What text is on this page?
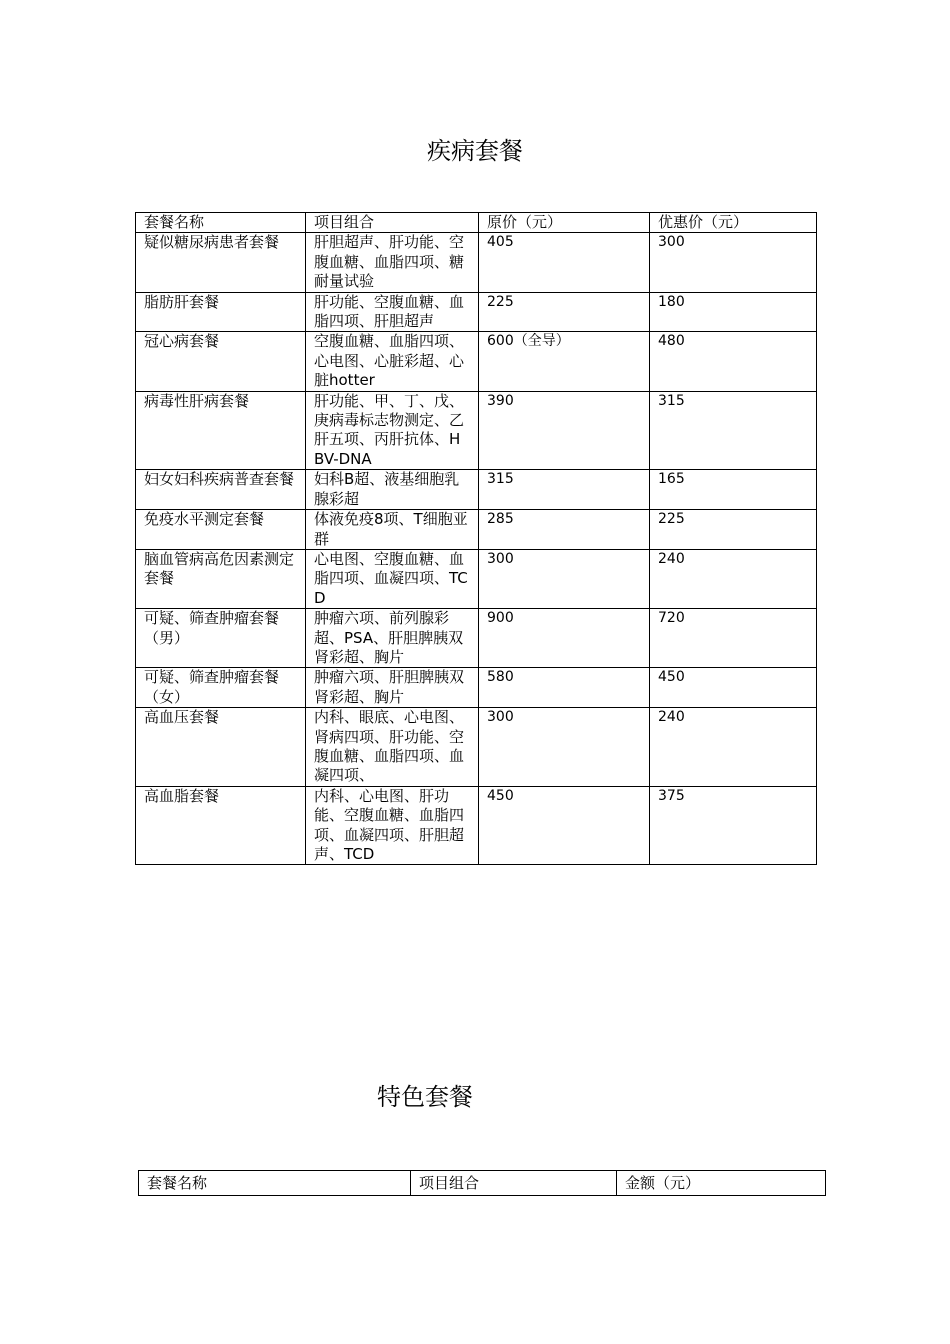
疾病套餐
套餐名称	项目组合	原价（元）	优惠价（元）
疑似糖尿病患者套餐	肝胆超声、肝功能、空腹血糖、血脂四项、糖耐量试验	405	300
脂肪肝套餐	肝功能、空腹血糖、血脂四项、肝胆超声	225	180
冠心病套餐	空腹血糖、血脂四项、心电图、心脏彩超、心脏hotter	600（全导）	480
病毒性肝病套餐	肝功能、甲、丁、戊、庚病毒标志物测定、乙肝五项、丙肝抗体、HBV-DNA	390	315
妇女妇科疾病普查套餐	妇科B超、液基细胞乳腺彩超	315	165
免疫水平测定套餐	体液免疫8项、T细胞亚群	285	225
脑血管病高危因素测定套餐	心电图、空腹血糖、血脂四项、血凝四项、TCD	300	240
可疑、筛查肿瘤套餐（男）	肿瘤六项、前列腺彩超、PSA、肝胆脾胰双肾彩超、胸片	900	720
可疑、筛查肿瘤套餐（女）	肿瘤六项、肝胆脾胰双肾彩超、胸片	580	450
高血压套餐	内科、眼底、心电图、肾病四项、肝功能、空腹血糖、血脂四项、血凝四项、	300	240
高血脂套餐	内科、心电图、肝功能、空腹血糖、血脂四项、血凝四项、肝胆超声、TCD	450	375
特色套餐
套餐名称	项目组合	金额（元）
